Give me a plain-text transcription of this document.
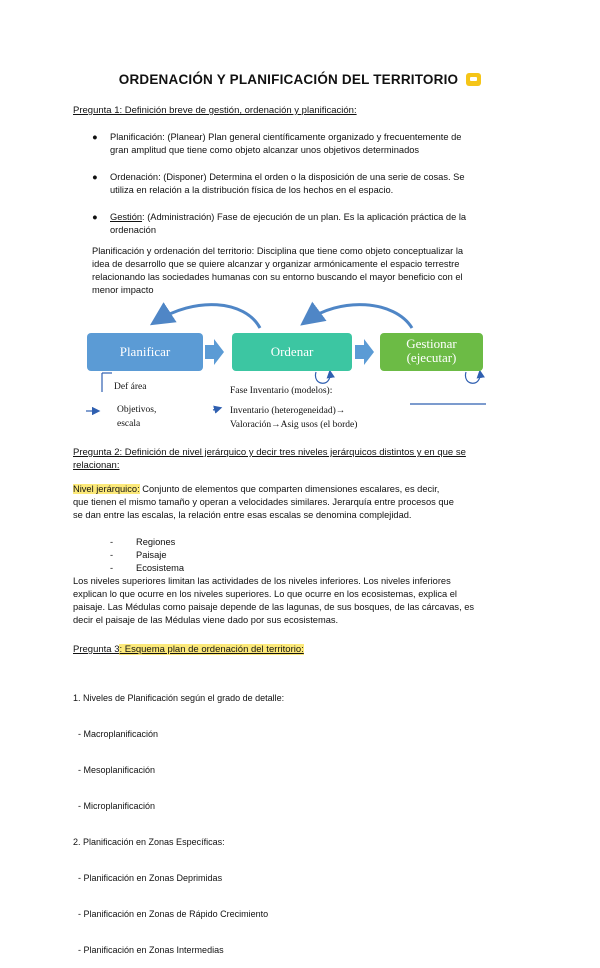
ORDENACIÓN Y PLANIFICACIÓN DEL TERRITORIO
Pregunta 1: Definición breve de gestión, ordenación y planificación:
● Planificación: (Planear) Plan general científicamente organizado y frecuentemente de
gran amplitud que tiene como objeto alcanzar unos objetivos determinados
● Ordenación: (Disponer) Determina el orden o la disposición de una serie de cosas. Se
utiliza en relación a la distribución física de los hechos en el espacio.
● Gestión: (Administración) Fase de ejecución de un plan. Es la aplicación práctica de la
ordenación
Planificación y ordenación del territorio: Disciplina que tiene como objeto conceptualizar la
idea de desarrollo que se quiere alcanzar y organizar armónicamente el espacio terrestre
relacionando las sociedades humanas con su entorno buscando el mayor beneficio con el
menor impacto
Planificar	Ordenar
Gestionar
(ejecutar)
Def área
Objetivos,
escala
Fase Inventario (modelos):
Inventario (heterogeneidad)→
Valoración→Asig usos (el borde)
Pregunta 2: Definición de nivel jerárquico y decir tres niveles jerárquicos distintos y en que se
relacionan:
Nivel jerárquico: Conjunto de elementos que comparten dimensiones escalares, es decir,
que tienen el mismo tamaño y operan a velocidades similares. Jerarquía entre procesos que
se dan entre las escalas, la relación entre esas escalas se denomina complejidad.
- Regiones
- Paisaje
- Ecosistema
Los niveles superiores limitan las actividades de los niveles inferiores. Los niveles inferiores
explican lo que ocurre en los niveles superiores. Lo que ocurre en los ecosistemas, explica el
paisaje. Las Médulas como paisaje depende de las lagunas, de sus bosques, de las cárcavas, es
decir el paisaje de las Médulas viene dado por sus ecosistemas.
Pregunta 3: Esquema plan de ordenación del territorio:

1. Niveles de Planificación según el grado de detalle:

- Macroplanificación

- Mesoplanificación

- Microplanificación

2. Planificación en Zonas Específicas:

- Planificación en Zonas Deprimidas

- Planificación en Zonas de Rápido Crecimiento

- Planificación en Zonas Intermedias
